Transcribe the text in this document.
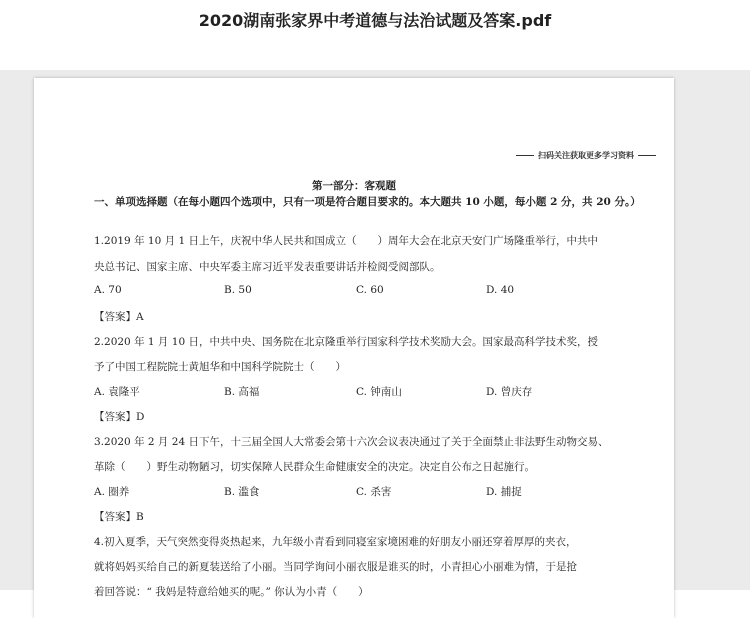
2020湖南张家界中考道德与法治试题及答案.pdf
扫码关注获取更多学习资料
第一部分：客观题
一、单项选择题（在每小题四个选项中，只有一项是符合题目要求的。本大题共 10 小题，每小题 2 分，共 20 分。）
1.2019 年 10 月 1 日上午，庆祝中华人民共和国成立（　　）周年大会在北京天安门广场隆重举行，中共中
央总书记、国家主席、中央军委主席习近平发表重要讲话并检阅受阅部队。
A. 70	B. 50	C. 60	D. 40
【答案】A
2.2020 年 1 月 10 日，中共中央、国务院在北京隆重举行国家科学技术奖励大会。国家最高科学技术奖，授
予了中国工程院院士黄旭华和中国科学院院士（　　）
A. 袁隆平	B. 高福	C. 钟南山	D. 曾庆存
【答案】D
3.2020 年 2 月 24 日下午，十三届全国人大常委会第十六次会议表决通过了关于全面禁止非法野生动物交易、
革除（　　）野生动物陋习，切实保障人民群众生命健康安全的决定。决定自公布之日起施行。
A. 圈养	B. 滥食	C. 杀害	D. 捕捉
【答案】B
4.初入夏季，天气突然变得炎热起来，九年级小青看到同寝室家境困难的好朋友小丽还穿着厚厚的夹衣，
就将妈妈买给自己的新夏装送给了小丽。当同学询问小丽衣服是谁买的时，小青担心小丽难为情，于是抢
着回答说：“ 我妈是特意给她买的呢。” 你认为小青（　　）
